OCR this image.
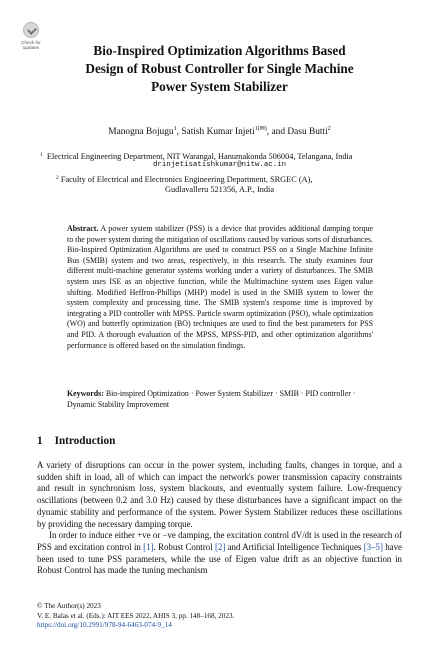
Check for
updates	Bio-Inspired Optimization Algorithms Based
Design of Robust Controller for Single Machine
Power System Stabilizer
Manogna Bojugu$^1$, Satish Kumar Injeti$^{1(✉)}$, and Dasu Butti$^2$
$^1$ Electrical Engineering Department, NIT Warangal, Hanumakonda 506004, Telangana, India
drinjetisatishkumar@nitw.ac.in
$^2$ Faculty of Electrical and Electronics Engineering Department, SRGEC (A),
Gudlavalleru 521356, A.P., India
Abstract. A power system stabilizer (PSS) is a device that provides additional damping torque to the power system during the mitigation of oscillations caused by various sorts of disturbances. Bio-Inspired Optimization Algorithms are used to construct PSS on a Single Machine Infinite Bus (SMIB) system and two areas, respectively, in this research. The study examines four different multi-machine generator systems working under a variety of disturbances. The SMIB system uses ISE as an objective function, while the Multimachine system uses Eigen value shifting. Modified Heffron-Phillips (MHP) model is used in the SMIB system to lower the system complexity and processing time. The SMIB system's response time is improved by integrating a PID controller with MPSS. Particle swarm optimization (PSO), whale optimization (WO) and butterfly optimization (BO) techniques are used to find the best parameters for PSS and PID. A thorough evaluation of the MPSS, MPSS-PID, and other optimization algorithms' performance is offered based on the simulation findings.
Keywords: Bio-inspired Optimization · Power System Stabilizer · SMIB · PID controller · Dynamic Stability Improvement
1 Introduction

A variety of disruptions can occur in the power system, including faults, changes in torque, and a sudden shift in load, all of which can impact the network's power transmission capacity constraints and result in synchronism loss, system blackouts, and eventually system failure. Low-frequency oscillations (between 0.2 and 3.0 Hz) caused by these disturbances have a significant impact on the dynamic stability and performance of the system. Power System Stabilizer reduces these oscillations by providing the necessary damping torque.

In order to induce either +ve or −ve damping, the excitation control dV/dt is used in the research of PSS and excitation control in [1]. Robust Control [2] and Artificial Intelligence Techniques [3–5] have been used to tune PSS parameters, while the use of Eigen value drift as an objective function in Robust Control has made the tuning mechanism

© The Author(s) 2023
V. E. Balas et al. (Eds.): AIT EES 2022, AHIS 3, pp. 148–168, 2023.
https://doi.org/10.2991/978-94-6463-074-9_14
